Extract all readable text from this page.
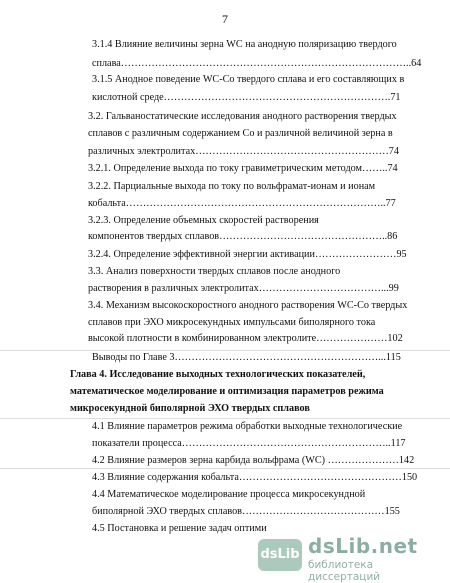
7
3.1.4 Влияние величины зерна WC на анодную поляризацию твердого
сплава…………………………………………………………………………..64
3.1.5 Анодное поведение WC-Co твердого сплава и его составляющих в
кислотной среде………………………………………………………….71
3.2. Гальваностатические исследования анодного растворения твердых
сплавов с различным содержанием Co и различной величиной зерна в
различных электролитах…………………………………………………74
3.2.1. Определение выхода по току гравиметрическим методом……..74
3.2.2. Парциальные выхода по току по вольфрамат-ионам и ионам
кобальта…………………………………………………………………..77
3.2.3. Определение объемных скоростей растворения
компонентов твердых сплавов…………………………………………..86
3.2.4. Определение эффективной энергии активации……………………95
3.3. Анализ поверхности твердых сплавов после анодного
растворения в различных электролитах………………………………...99
3.4. Механизм высокоскоростного анодного растворения WC-Co твердых
сплавов при ЭХО микросекундных импульсами биполярного тока
высокой плотности в комбинированном электролите…………………102
Выводы по Главе 3……………………………………………………...115
Глава 4. Исследование выходных технологических показателей,
математическое моделирование и оптимизация параметров режима
микросекундной биполярной ЭХО твердых сплавов
4.1 Влияние параметров режима обработки выходные технологические
показатели процесса……………………………………………………..117
4.2 Влияние размеров зерна карбида вольфрама (WC) …………………142
4.3 Влияние содержания кобальта…………………………………………150
4.4 Математическое моделирование процесса микросекундной
биполярной ЭХО твердых сплавов……………………………………155
4.5 Постановка и решение задач оптими
dsLib dsLib.net
библиотека диссертаций
